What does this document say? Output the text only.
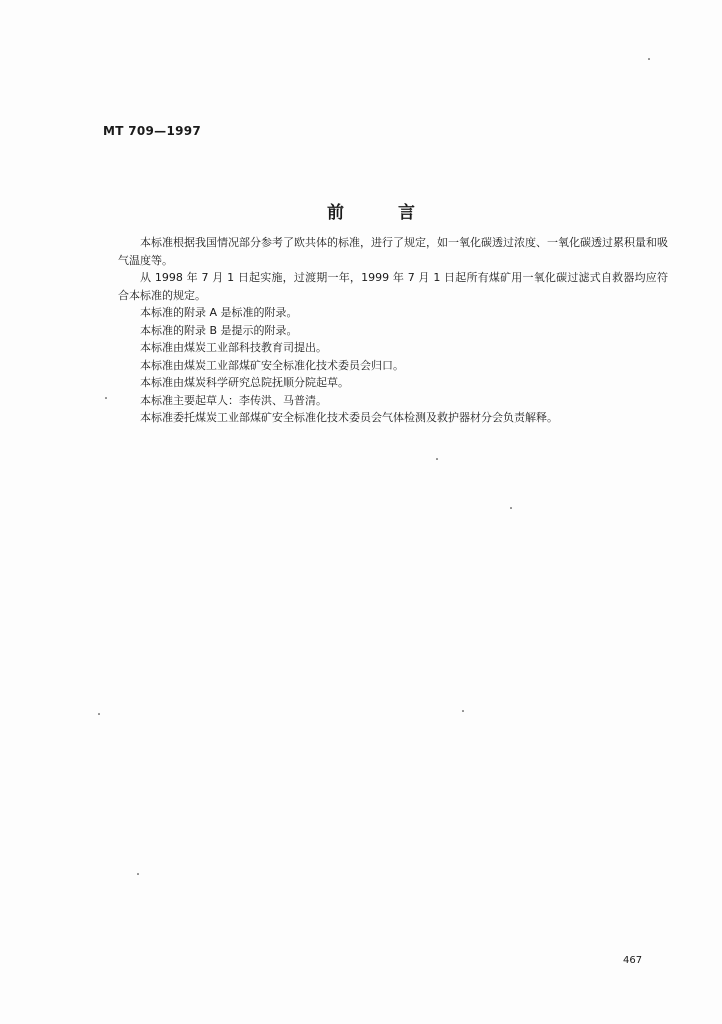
MT 709—1997
前	言

本标准根据我国情况部分参考了欧共体的标准，进行了规定，如一氧化碳透过浓度、一氧化碳透过累积量和吸气温度等。

从 1998 年 7 月 1 日起实施，过渡期一年，1999 年 7 月 1 日起所有煤矿用一氧化碳过滤式自救器均应符合本标准的规定。

本标准的附录 A 是标准的附录。

本标准的附录 B 是提示的附录。

本标准由煤炭工业部科技教育司提出。

本标准由煤炭工业部煤矿安全标准化技术委员会归口。

本标准由煤炭科学研究总院抚顺分院起草。

本标准主要起草人：李传洪、马普清。

本标准委托煤炭工业部煤矿安全标准化技术委员会气体检测及救护器材分会负责解释。

467
